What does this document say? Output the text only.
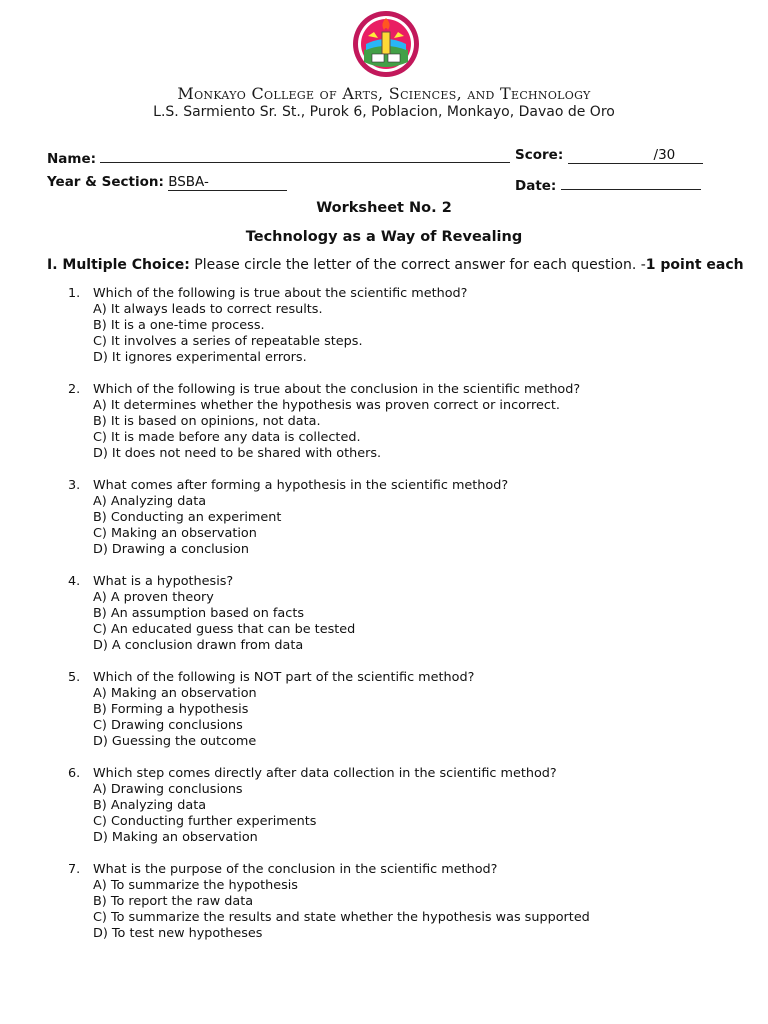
Monkayo College of Arts, Sciences, and Technology
L.S. Sarmiento Sr. St., Purok 6, Poblacion, Monkayo, Davao de Oro
Name:	Score:	/30
Year & Section: BSBA-	Date:
Worksheet No. 2
Technology as a Way of Revealing
I. Multiple Choice: Please circle the letter of the correct answer for each question. -1 point each
1. Which of the following is true about the scientific method?
A) It always leads to correct results.
B) It is a one-time process.
C) It involves a series of repeatable steps.
D) It ignores experimental errors.
2. Which of the following is true about the conclusion in the scientific method?
A) It determines whether the hypothesis was proven correct or incorrect.
B) It is based on opinions, not data.
C) It is made before any data is collected.
D) It does not need to be shared with others.
3. What comes after forming a hypothesis in the scientific method?
A) Analyzing data
B) Conducting an experiment
C) Making an observation
D) Drawing a conclusion
4. What is a hypothesis?
A) A proven theory
B) An assumption based on facts
C) An educated guess that can be tested
D) A conclusion drawn from data
5. Which of the following is NOT part of the scientific method?
A) Making an observation
B) Forming a hypothesis
C) Drawing conclusions
D) Guessing the outcome
6. Which step comes directly after data collection in the scientific method?
A) Drawing conclusions
B) Analyzing data
C) Conducting further experiments
D) Making an observation
7. What is the purpose of the conclusion in the scientific method?
A) To summarize the hypothesis
B) To report the raw data
C) To summarize the results and state whether the hypothesis was supported
D) To test new hypotheses
